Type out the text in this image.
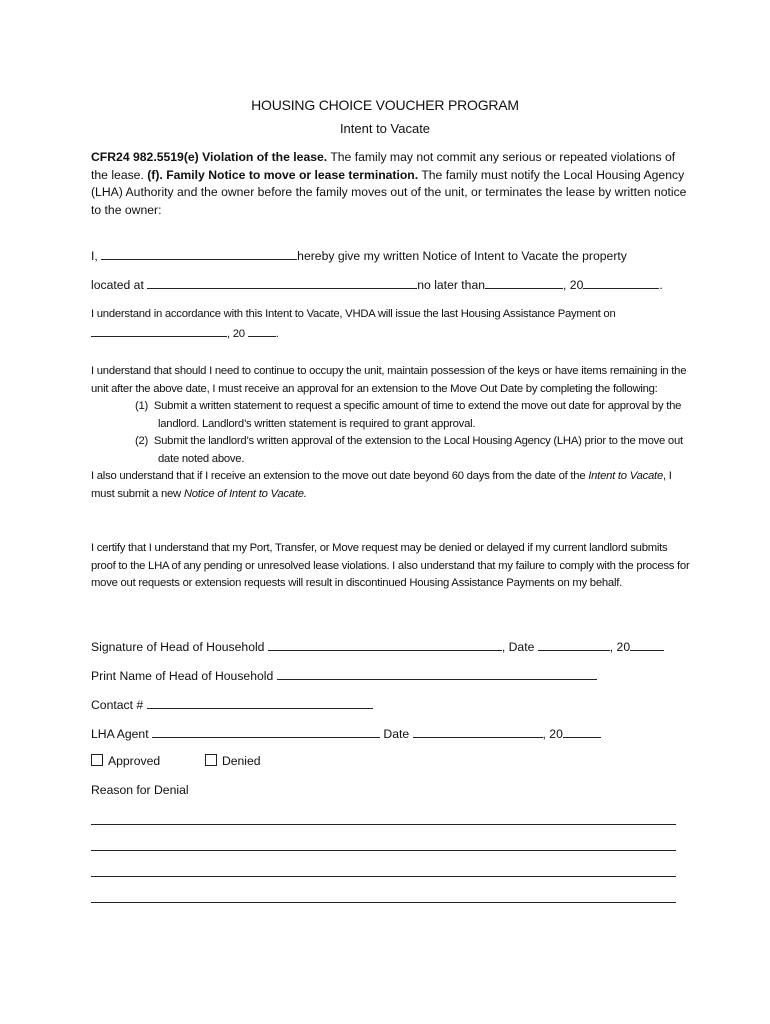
HOUSING CHOICE VOUCHER PROGRAM
Intent to Vacate
CFR24 982.5519(e) Violation of the lease. The family may not commit any serious or repeated violations of the lease. (f). Family Notice to move or lease termination. The family must notify the Local Housing Agency (LHA) Authority and the owner before the family moves out of the unit, or terminates the lease by written notice to the owner:
I,	hereby give my written Notice of Intent to Vacate the property
located at	no later than	, 20	.
I understand in accordance with this Intent to Vacate, VHDA will issue the last Housing Assistance Payment on
, 20	.
I understand that should I need to continue to occupy the unit, maintain possession of the keys or have items remaining in the unit after the above date, I must receive an approval for an extension to the Move Out Date by completing the following:
(1) Submit a written statement to request a specific amount of time to extend the move out date for approval by the landlord. Landlord’s written statement is required to grant approval.
(2) Submit the landlord’s written approval of the extension to the Local Housing Agency (LHA) prior to the move out date noted above.
I also understand that if I receive an extension to the move out date beyond 60 days from the date of the Intent to Vacate, I must submit a new Notice of Intent to Vacate.
I certify that I understand that my Port, Transfer, or Move request may be denied or delayed if my current landlord submits proof to the LHA of any pending or unresolved lease violations. I also understand that my failure to comply with the process for move out requests or extension requests will result in discontinued Housing Assistance Payments on my behalf.
Signature of Head of Household	, Date	, 20
Print Name of Head of Household
Contact #
LHA Agent	Date	, 20
Approved	Denied
Reason for Denial
